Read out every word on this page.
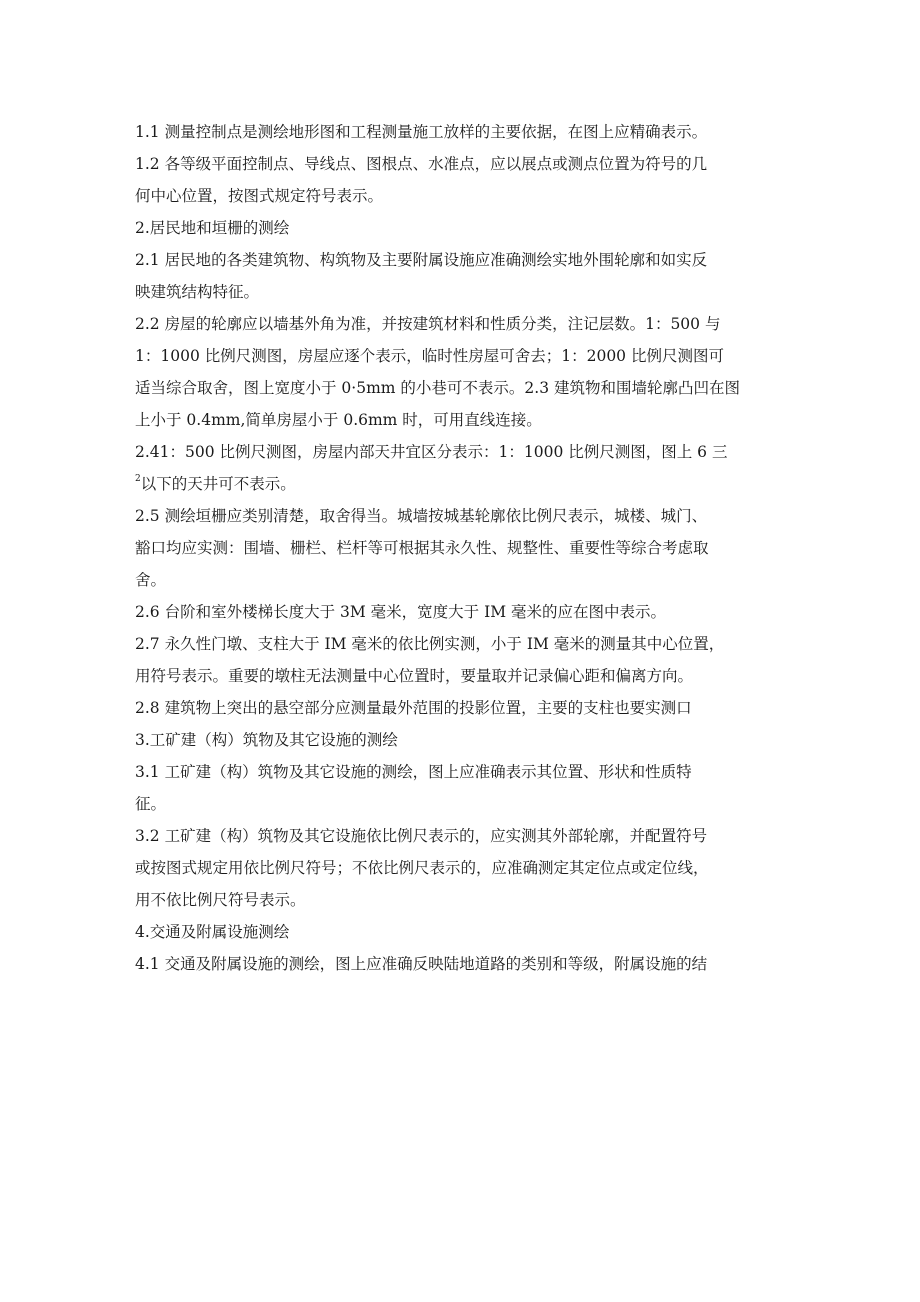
1.1 测量控制点是测绘地形图和工程测量施工放样的主要依据，在图上应精确表示。
1.2 各等级平面控制点、导线点、图根点、水准点，应以展点或测点位置为符号的几
何中心位置，按图式规定符号表示。
2.居民地和垣栅的测绘
2.1 居民地的各类建筑物、构筑物及主要附属设施应准确测绘实地外围轮廓和如实反
映建筑结构特征。
2.2 房屋的轮廓应以墙基外角为准，并按建筑材料和性质分类，注记层数。1：500 与
1：1000 比例尺测图，房屋应逐个表示，临时性房屋可舍去；1：2000 比例尺测图可
适当综合取舍，图上宽度小于 0·5mm 的小巷可不表示。2.3 建筑物和围墙轮廓凸凹在图
上小于 0.4mm,简单房屋小于 0.6mm 时，可用直线连接。
2.41：500 比例尺测图，房屋内部天井宜区分表示：1：1000 比例尺测图，图上 6 三
$^2$以下的天井可不表示。
2.5 测绘垣栅应类别清楚，取舍得当。城墙按城基轮廓依比例尺表示，城楼、城门、
豁口均应实测：围墙、栅栏、栏杆等可根据其永久性、规整性、重要性等综合考虑取
舍。
2.6 台阶和室外楼梯长度大于 3M 毫米，宽度大于 IM 毫米的应在图中表示。
2.7 永久性门墩、支柱大于 IM 毫米的依比例实测，小于 IM 毫米的测量其中心位置，
用符号表示。重要的墩柱无法测量中心位置时，要量取并记录偏心距和偏离方向。
2.8 建筑物上突出的悬空部分应测量最外范围的投影位置，主要的支柱也要实测口
3.工矿建（构）筑物及其它设施的测绘
3.1 工矿建（构）筑物及其它设施的测绘，图上应准确表示其位置、形状和性质特
征。
3.2 工矿建（构）筑物及其它设施依比例尺表示的，应实测其外部轮廓，并配置符号
或按图式规定用依比例尺符号；不依比例尺表示的，应准确测定其定位点或定位线，
用不依比例尺符号表示。
4.交通及附属设施测绘
4.1 交通及附属设施的测绘，图上应准确反映陆地道路的类别和等级，附属设施的结
